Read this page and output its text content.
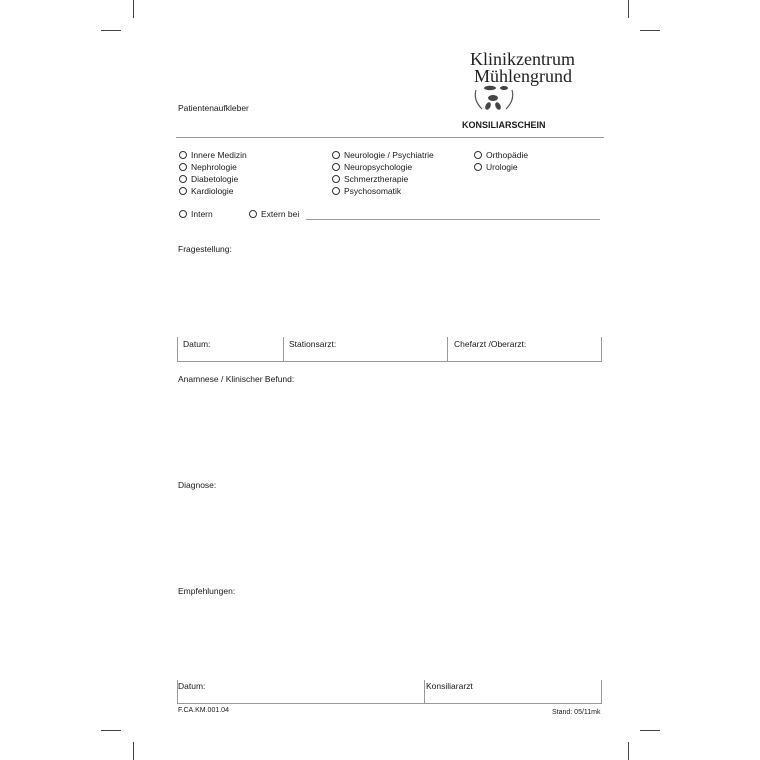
Patientenaufkleber
Klinikzentrum
Mühlengrund
KONSILIARSCHEIN
Innere Medizin
Nephrologie
Diabetologie
Kardiologie
Neurologie / Psychiatrie
Neuropsychologie
Schmerztherapie
Psychosomatik
Orthopädie
Urologie
Intern	Extern bei
Fragestellung:
Datum:	Stationsarzt:	Chefarzt /Oberarzt:
Anamnese / Klinischer Befund:
Diagnose:
Empfehlungen:
Datum:	Konsiliararzt
F.CA.KM.001.04	Stand: 05/11mk
